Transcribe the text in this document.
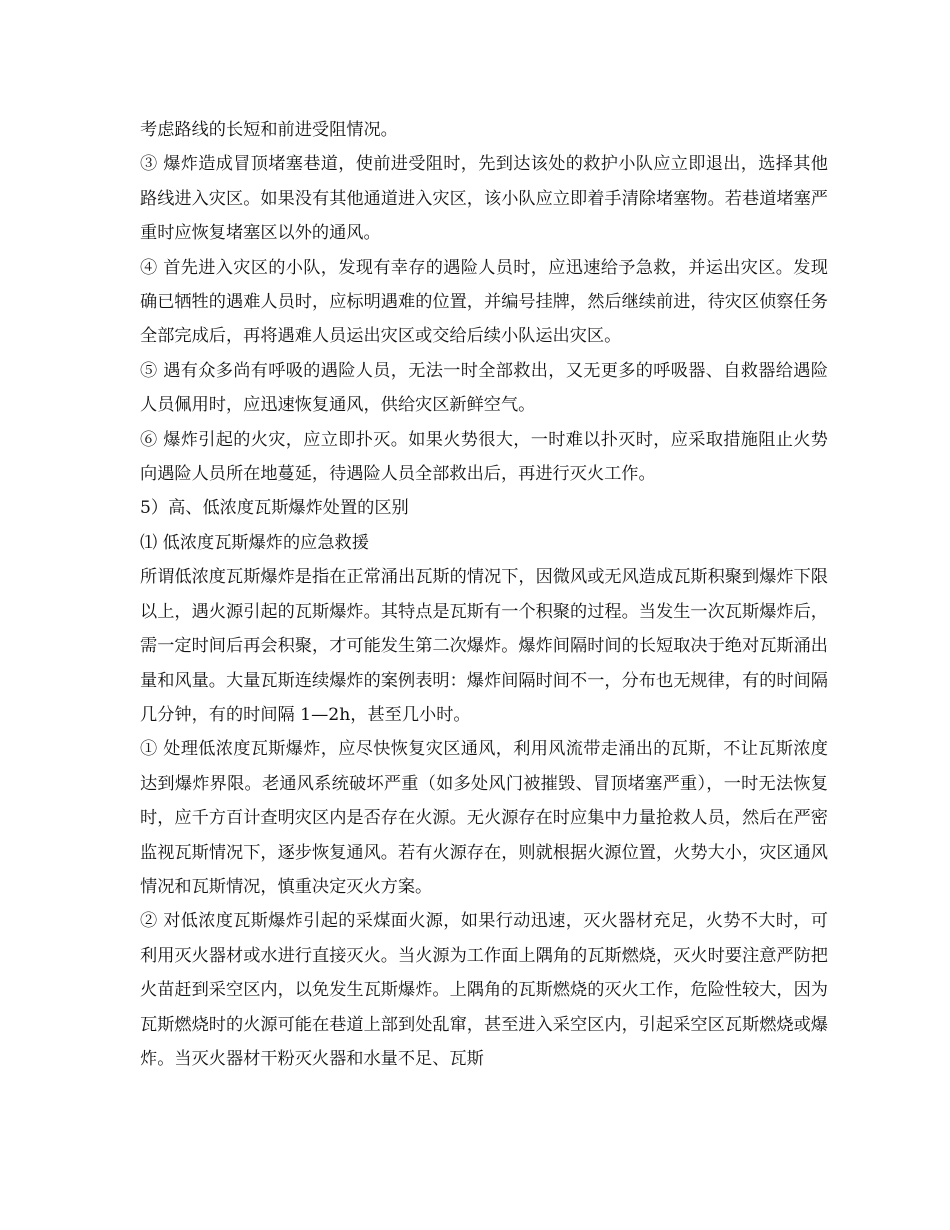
考虑路线的长短和前进受阻情况。

③ 爆炸造成冒顶堵塞巷道，使前进受阻时，先到达该处的救护小队应立即退出，选择其他路线进入灾区。如果没有其他通道进入灾区，该小队应立即着手清除堵塞物。若巷道堵塞严重时应恢复堵塞区以外的通风。

④ 首先进入灾区的小队，发现有幸存的遇险人员时，应迅速给予急救，并运出灾区。发现确已牺牲的遇难人员时，应标明遇难的位置，并编号挂牌，然后继续前进，待灾区侦察任务全部完成后，再将遇难人员运出灾区或交给后续小队运出灾区。

⑤ 遇有众多尚有呼吸的遇险人员，无法一时全部救出，又无更多的呼吸器、自救器给遇险人员佩用时，应迅速恢复通风，供给灾区新鲜空气。

⑥ 爆炸引起的火灾，应立即扑灭。如果火势很大，一时难以扑灭时，应采取措施阻止火势向遇险人员所在地蔓延，待遇险人员全部救出后，再进行灭火工作。

5）高、低浓度瓦斯爆炸处置的区别

⑴ 低浓度瓦斯爆炸的应急救援

所谓低浓度瓦斯爆炸是指在正常涌出瓦斯的情况下，因微风或无风造成瓦斯积聚到爆炸下限以上，遇火源引起的瓦斯爆炸。其特点是瓦斯有一个积聚的过程。当发生一次瓦斯爆炸后，需一定时间后再会积聚，才可能发生第二次爆炸。爆炸间隔时间的长短取决于绝对瓦斯涌出量和风量。大量瓦斯连续爆炸的案例表明：爆炸间隔时间不一，分布也无规律，有的时间隔几分钟，有的时间隔 1—2h，甚至几小时。

① 处理低浓度瓦斯爆炸，应尽快恢复灾区通风，利用风流带走涌出的瓦斯，不让瓦斯浓度达到爆炸界限。老通风系统破坏严重（如多处风门被摧毁、冒顶堵塞严重），一时无法恢复时，应千方百计查明灾区内是否存在火源。无火源存在时应集中力量抢救人员，然后在严密监视瓦斯情况下，逐步恢复通风。若有火源存在，则就根据火源位置，火势大小，灾区通风情况和瓦斯情况，慎重决定灭火方案。

② 对低浓度瓦斯爆炸引起的采煤面火源，如果行动迅速，灭火器材充足，火势不大时，可利用灭火器材或水进行直接灭火。当火源为工作面上隅角的瓦斯燃烧，灭火时要注意严防把火苗赶到采空区内，以免发生瓦斯爆炸。上隅角的瓦斯燃烧的灭火工作，危险性较大，因为瓦斯燃烧时的火源可能在巷道上部到处乱窜，甚至进入采空区内，引起采空区瓦斯燃烧或爆炸。当灭火器材干粉灭火器和水量不足、瓦斯
